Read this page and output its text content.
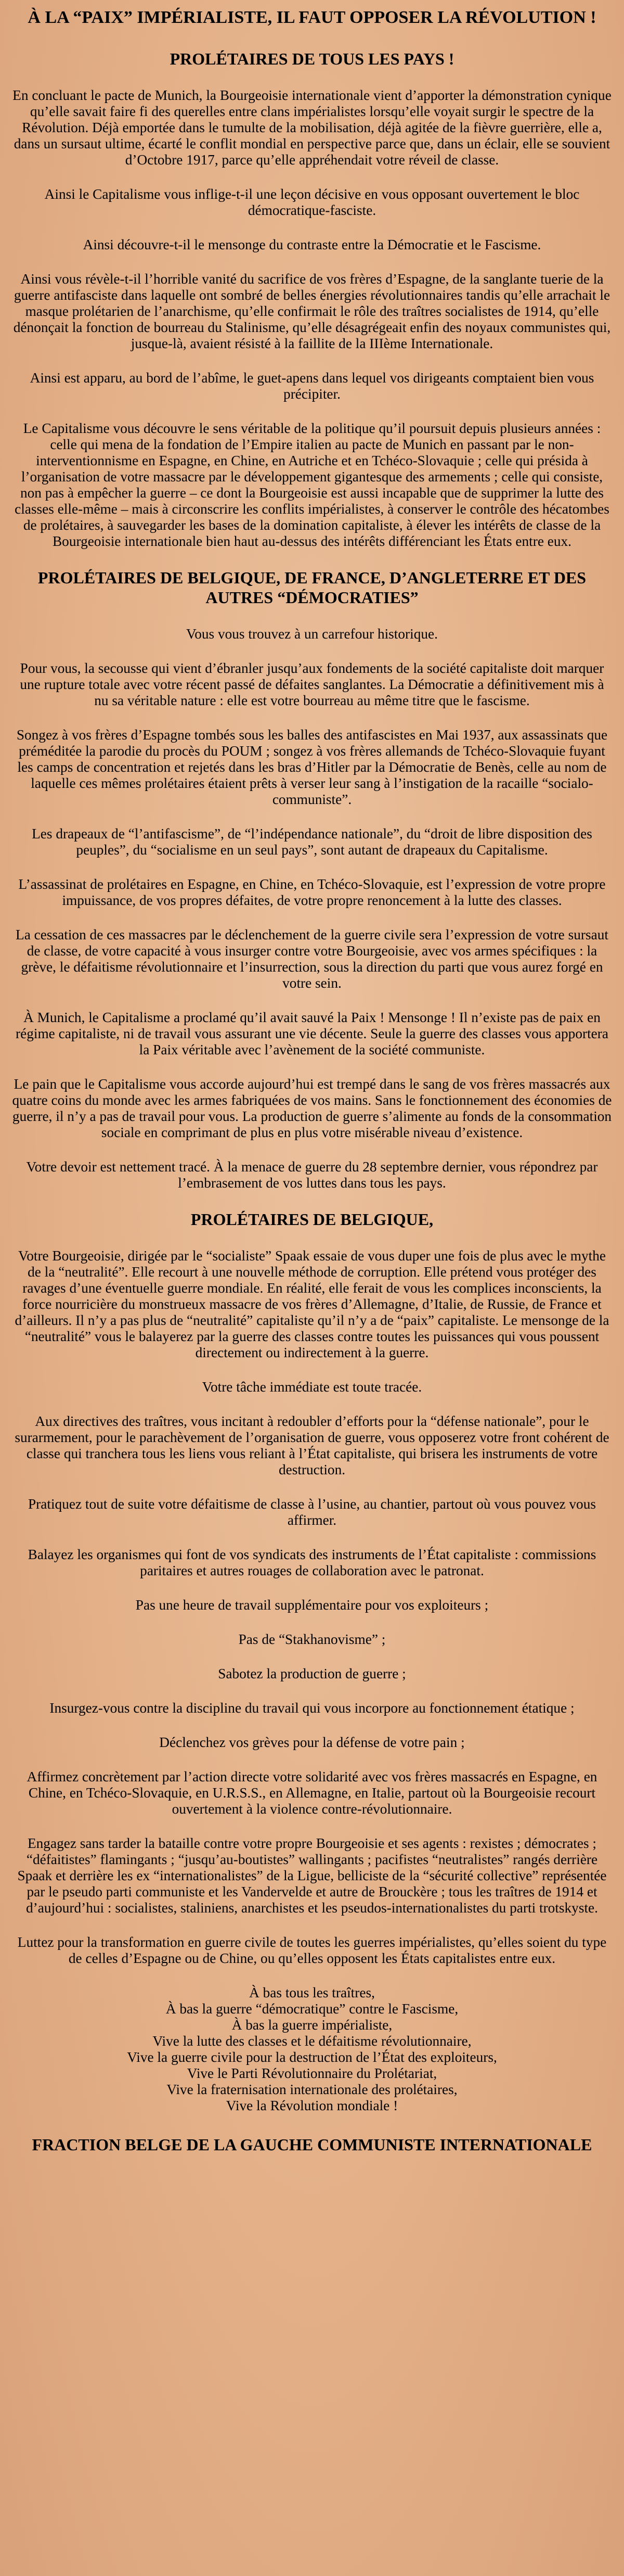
À LA “PAIX” IMPÉRIALISTE, IL FAUT OPPOSER LA RÉVOLUTION !
PROLÉTAIRES DE TOUS LES PAYS !

En concluant le pacte de Munich, la Bourgeoisie internationale vient d’apporter la démonstration cynique qu’elle savait faire fi des querelles entre clans impérialistes lorsqu’elle voyait surgir le spectre de la Révolution. Déjà emportée dans le tumulte de la mobilisation, déjà agitée de la fièvre guerrière, elle a, dans un sursaut ultime, écarté le conflit mondial en perspective parce que, dans un éclair, elle se souvient d’Octobre 1917, parce qu’elle appréhendait votre réveil de classe.

Ainsi le Capitalisme vous inflige-t-il une leçon décisive en vous opposant ouvertement le bloc démocratique-fasciste.

Ainsi découvre-t-il le mensonge du contraste entre la Démocratie et le Fascisme.

Ainsi vous révèle-t-il l’horrible vanité du sacrifice de vos frères d’Espagne, de la sanglante tuerie de la guerre antifasciste dans laquelle ont sombré de belles énergies révolutionnaires tandis qu’elle arrachait le masque prolétarien de l’anarchisme, qu’elle confirmait le rôle des traîtres socialistes de 1914, qu’elle dénonçait la fonction de bourreau du Stalinisme, qu’elle désagrégeait enfin des noyaux communistes qui, jusque-là, avaient résisté à la faillite de la IIIème Internationale.

Ainsi est apparu, au bord de l’abîme, le guet-apens dans lequel vos dirigeants comptaient bien vous précipiter.

Le Capitalisme vous découvre le sens véritable de la politique qu’il poursuit depuis plusieurs années : celle qui mena de la fondation de l’Empire italien au pacte de Munich en passant par le non-interventionnisme en Espagne, en Chine, en Autriche et en Tchéco-Slovaquie ; celle qui présida à l’organisation de votre massacre par le développement gigantesque des armements ; celle qui consiste, non pas à empêcher la guerre – ce dont la Bourgeoisie est aussi incapable que de supprimer la lutte des classes elle-même – mais à circonscrire les conflits impérialistes, à conserver le contrôle des hécatombes de prolétaires, à sauvegarder les bases de la domination capitaliste, à élever les intérêts de classe de la Bourgeoisie internationale bien haut au-dessus des intérêts différenciant les États entre eux.

PROLÉTAIRES DE BELGIQUE, DE FRANCE, D’ANGLETERRE ET DES AUTRES “DÉMOCRATIES”

Vous vous trouvez à un carrefour historique.

Pour vous, la secousse qui vient d’ébranler jusqu’aux fondements de la société capitaliste doit marquer une rupture totale avec votre récent passé de défaites sanglantes. La Démocratie a définitivement mis à nu sa véritable nature : elle est votre bourreau au même titre que le fascisme.

Songez à vos frères d’Espagne tombés sous les balles des antifascistes en Mai 1937, aux assassinats que préméditée la parodie du procès du POUM ; songez à vos frères allemands de Tchéco-Slovaquie fuyant les camps de concentration et rejetés dans les bras d’Hitler par la Démocratie de Benès, celle au nom de laquelle ces mêmes prolétaires étaient prêts à verser leur sang à l’instigation de la racaille “socialo-communiste”.

Les drapeaux de “l’antifascisme”, de “l’indépendance nationale”, du “droit de libre disposition des peuples”, du “socialisme en un seul pays”, sont autant de drapeaux du Capitalisme.

L’assassinat de prolétaires en Espagne, en Chine, en Tchéco-Slovaquie, est l’expression de votre propre impuissance, de vos propres défaites, de votre propre renoncement à la lutte des classes.

La cessation de ces massacres par le déclenchement de la guerre civile sera l’expression de votre sursaut de classe, de votre capacité à vous insurger contre votre Bourgeoisie, avec vos armes spécifiques : la grève, le défaitisme révolutionnaire et l’insurrection, sous la direction du parti que vous aurez forgé en votre sein.

À Munich, le Capitalisme a proclamé qu’il avait sauvé la Paix ! Mensonge ! Il n’existe pas de paix en régime capitaliste, ni de travail vous assurant une vie décente. Seule la guerre des classes vous apportera la Paix véritable avec l’avènement de la société communiste.

Le pain que le Capitalisme vous accorde aujourd’hui est trempé dans le sang de vos frères massacrés aux quatre coins du monde avec les armes fabriquées de vos mains. Sans le fonctionnement des économies de guerre, il n’y a pas de travail pour vous. La production de guerre s’alimente au fonds de la consommation sociale en comprimant de plus en plus votre misérable niveau d’existence.

Votre devoir est nettement tracé. À la menace de guerre du 28 septembre dernier, vous répondrez par l’embrasement de vos luttes dans tous les pays.

PROLÉTAIRES DE BELGIQUE,

Votre Bourgeoisie, dirigée par le “socialiste” Spaak essaie de vous duper une fois de plus avec le mythe de la “neutralité”. Elle recourt à une nouvelle méthode de corruption. Elle prétend vous protéger des ravages d’une éventuelle guerre mondiale. En réalité, elle ferait de vous les complices inconscients, la force nourricière du monstrueux massacre de vos frères d’Allemagne, d’Italie, de Russie, de France et d’ailleurs. Il n’y a pas plus de “neutralité” capitaliste qu’il n’y a de “paix” capitaliste. Le mensonge de la “neutralité” vous le balayerez par la guerre des classes contre toutes les puissances qui vous poussent directement ou indirectement à la guerre.

Votre tâche immédiate est toute tracée.

Aux directives des traîtres, vous incitant à redoubler d’efforts pour la “défense nationale”, pour le surarmement, pour le parachèvement de l’organisation de guerre, vous opposerez votre front cohérent de classe qui tranchera tous les liens vous reliant à l’État capitaliste, qui brisera les instruments de votre destruction.

Pratiquez tout de suite votre défaitisme de classe à l’usine, au chantier, partout où vous pouvez vous affirmer.

Balayez les organismes qui font de vos syndicats des instruments de l’État capitaliste : commissions paritaires et autres rouages de collaboration avec le patronat.

Pas une heure de travail supplémentaire pour vos exploiteurs ;

Pas de “Stakhanovisme” ;

Sabotez la production de guerre ;

Insurgez-vous contre la discipline du travail qui vous incorpore au fonctionnement étatique ;

Déclenchez vos grèves pour la défense de votre pain ;

Affirmez concrètement par l’action directe votre solidarité avec vos frères massacrés en Espagne, en Chine, en Tchéco-Slovaquie, en U.R.S.S., en Allemagne, en Italie, partout où la Bourgeoisie recourt ouvertement à la violence contre-révolutionnaire.

Engagez sans tarder la bataille contre votre propre Bourgeoisie et ses agents : rexistes ; démocrates ; “défaitistes” flamingants ; “jusqu’au-boutistes” wallingants ; pacifistes “neutralistes” rangés derrière Spaak et derrière les ex “internationalistes” de la Ligue, belliciste de la “sécurité collective” représentée par le pseudo parti communiste et les Vandervelde et autre de Brouckère ; tous les traîtres de 1914 et d’aujourd’hui : socialistes, staliniens, anarchistes et les pseudos-internationalistes du parti trotskyste.

Luttez pour la transformation en guerre civile de toutes les guerres impérialistes, qu’elles soient du type de celles d’Espagne ou de Chine, ou qu’elles opposent les États capitalistes entre eux.

À bas tous les traîtres,

À bas la guerre “démocratique” contre le Fascisme,

À bas la guerre impérialiste,

Vive la lutte des classes et le défaitisme révolutionnaire,

Vive la guerre civile pour la destruction de l’État des exploiteurs,

Vive le Parti Révolutionnaire du Prolétariat,

Vive la fraternisation internationale des prolétaires,

Vive la Révolution mondiale !

FRACTION BELGE DE LA GAUCHE COMMUNISTE INTERNATIONALE
